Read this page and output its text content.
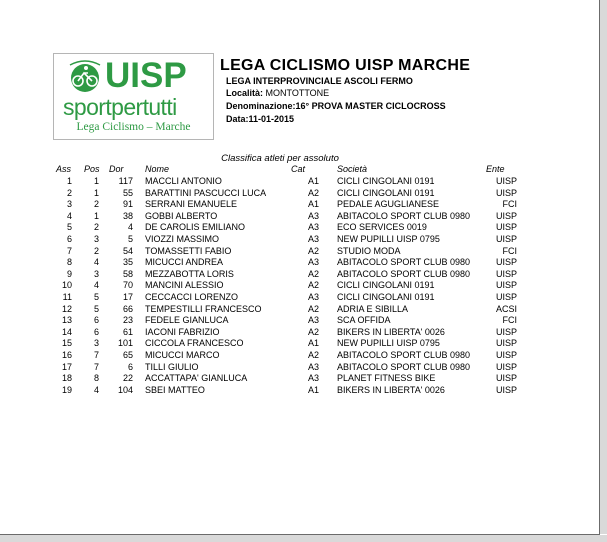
UISP
sportpertutti
Lega Ciclismo – Marche
LEGA CICLISMO UISP MARCHE
LEGA INTERPROVINCIALE ASCOLI FERMO
Località: MONTOTTONE
Denominazione:16° PROVA MASTER CICLOCROSS
Data:11-01-2015
Classifica atleti per assoluto
Ass Pos Dor Nome	Cat	Società	Ente
1	1	117 MACCLI ANTONIO	A1	CICLI CINGOLANI 0191	UISP
2	1	55 BARATTINI PASCUCCI LUCA	A2	CICLI CINGOLANI 0191	UISP
3	2	91 SERRANI EMANUELE	A1	PEDALE AGUGLIANESE	FCI
4	1	38 GOBBI ALBERTO	A3	ABITACOLO SPORT CLUB 0980	UISP
5	2	4 DE CAROLIS EMILIANO	A3	ECO SERVICES 0019	UISP
6	3	5 VIOZZI MASSIMO	A3	NEW PUPILLI UISP 0795	UISP
7	2	54 TOMASSETTI FABIO	A2	STUDIO MODA	FCI
8	4	35 MICUCCI ANDREA	A3	ABITACOLO SPORT CLUB 0980	UISP
9	3	58 MEZZABOTTA LORIS	A2	ABITACOLO SPORT CLUB 0980	UISP
10	4	70 MANCINI ALESSIO	A2	CICLI CINGOLANI 0191	UISP
11	5	17 CECCACCI LORENZO	A3	CICLI CINGOLANI 0191	UISP
12	5	66 TEMPESTILLI FRANCESCO	A2	ADRIA E SIBILLA	ACSI
13	6	23 FEDELE GIANLUCA	A3	SCA OFFIDA	FCI
14	6	61 IACONI FABRIZIO	A2	BIKERS IN LIBERTA' 0026	UISP
15	3	101 CICCOLA FRANCESCO	A1	NEW PUPILLI UISP 0795	UISP
16	7	65 MICUCCI MARCO	A2	ABITACOLO SPORT CLUB 0980	UISP
17	7	6 TILLI GIULIO	A3	ABITACOLO SPORT CLUB 0980	UISP
18	8	22 ACCATTAPA' GIANLUCA	A3	PLANET FITNESS BIKE	UISP
19	4	104 SBEI MATTEO	A1	BIKERS IN LIBERTA' 0026	UISP
